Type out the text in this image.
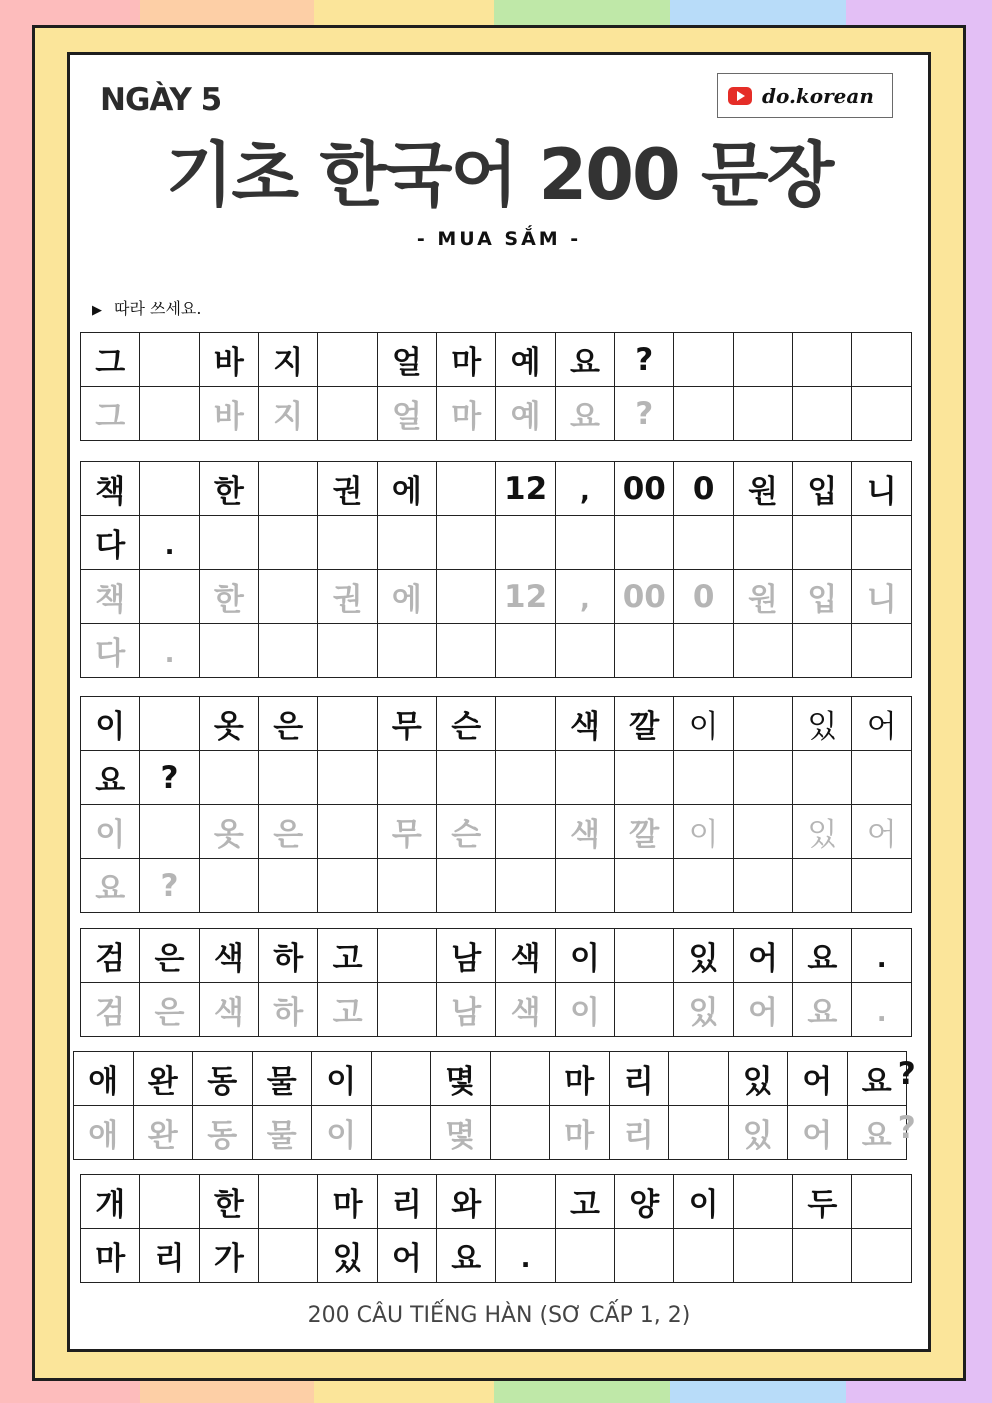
NGÀY 5	do.korean
기초 한국어 200 문장
- MUA SẮM -
▶ 따라 쓰세요.
그		바	지		얼	마	예	요	?				
그		바	지		얼	마	예	요	?				
책		한		권	에		12	,	00	0	원	입	니
다	.												
책		한		권	에		12	,	00	0	원	입	니
다	.												
이		옷	은		무	슨		색	깔	이		있	어
요	?												
이		옷	은		무	슨		색	깔	이		있	어
요	?												
검	은	색	하	고		남	색	이		있	어	요	.
검	은	색	하	고		남	색	이		있	어	요	.
애	완	동	물	이		몇		마	리		있	어	요 ?

애	완	동	물	이		몇		마	리		있	어	요 ?
개		한		마	리	와		고	양	이		두	
마	리	가		있	어	요	.						
200 CÂU TIẾNG HÀN (SƠ CẤP 1, 2)
